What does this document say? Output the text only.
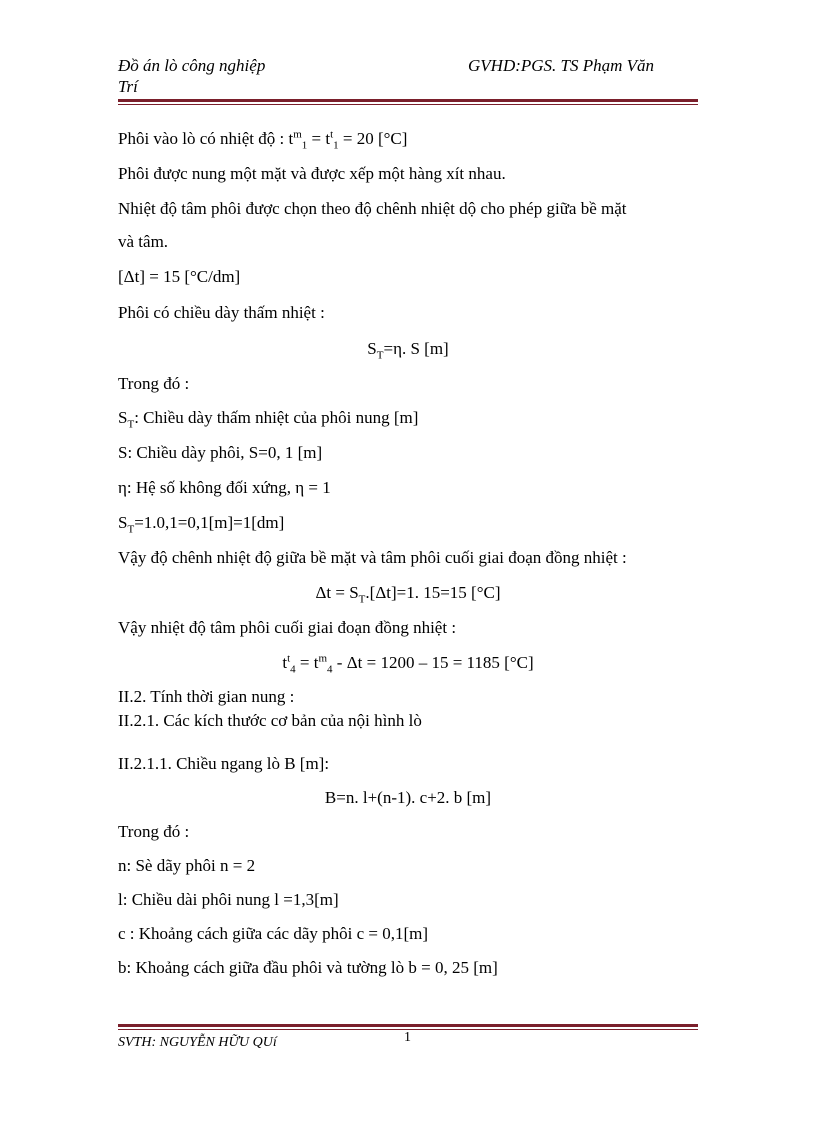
Đồ án lò công nghiệp	GVHD:PGS. TS Phạm Văn
Trí
Phôi vào lò có nhiệt độ : $t^m_1 = t^t_1 = 20$ [°C]
Phôi được nung một mặt và được xếp một hàng xít nhau.
Nhiệt độ tâm phôi được chọn theo độ chênh nhiệt dộ cho phép giữa bề mặt
và tâm.
[Δt] = 15 [°C/dm]
Phôi có chiều dày thấm nhiệt :
$S_T=\eta$. S [m]
Trong đó :
$S_T$: Chiều dày thấm nhiệt của phôi nung [m]
S: Chiều dày phôi, S=0, 1 [m]
η: Hệ số không đối xứng, η = 1
$S_T=1.0,1=0,1[m]=1[dm]$
Vậy độ chênh nhiệt độ giữa bề mặt và tâm phôi cuối giai đoạn đồng nhiệt :
$\Delta t = S_T.[\Delta t]=1$. 15=15 [°C]
Vậy nhiệt độ tâm phôi cuối giai đoạn đồng nhiệt :
$t^t_4 = t^m_4 - \Delta t = 1200 - 15 = 1185$ [°C]
II.2. Tính thời gian nung :
II.2.1. Các kích thước cơ bản của nội hình lò
II.2.1.1. Chiều ngang lò B [m]:
B=n. l+(n-1). c+2. b [m]
Trong đó :
n: Sè dãy phôi n = 2
l: Chiều dài phôi nung l =1,3[m]
c : Khoảng cách giữa các dãy phôi c = 0,1[m]
b: Khoảng cách giữa đầu phôi và tường lò b = 0, 25 [m]
SVTH: NGUYỄN HỮU QUí	1
